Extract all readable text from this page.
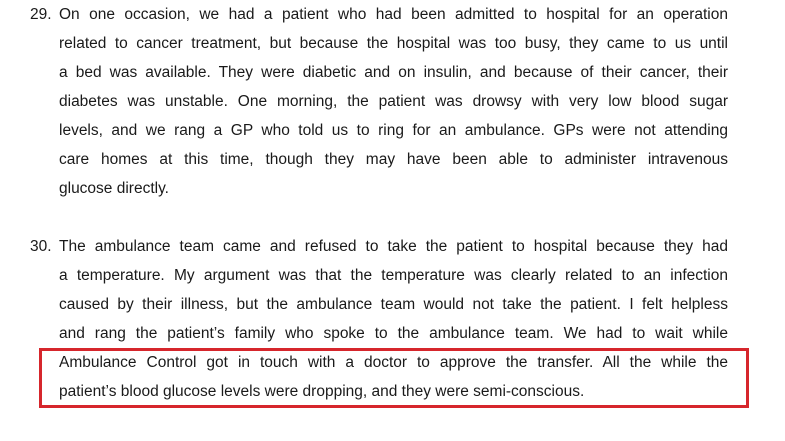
29. On one occasion, we had a patient who had been admitted to hospital for an operation
related to cancer treatment, but because the hospital was too busy, they came to us until
a bed was available. They were diabetic and on insulin, and because of their cancer, their
diabetes was unstable. One morning, the patient was drowsy with very low blood sugar
levels, and we rang a GP who told us to ring for an ambulance. GPs were not attending
care homes at this time, though they may have been able to administer intravenous
glucose directly.
30. The ambulance team came and refused to take the patient to hospital because they had
a temperature. My argument was that the temperature was clearly related to an infection
caused by their illness, but the ambulance team would not take the patient. I felt helpless
and rang the patient’s family who spoke to the ambulance team. We had to wait while
Ambulance Control got in touch with a doctor to approve the transfer. All the while the
patient’s blood glucose levels were dropping, and they were semi-conscious.
